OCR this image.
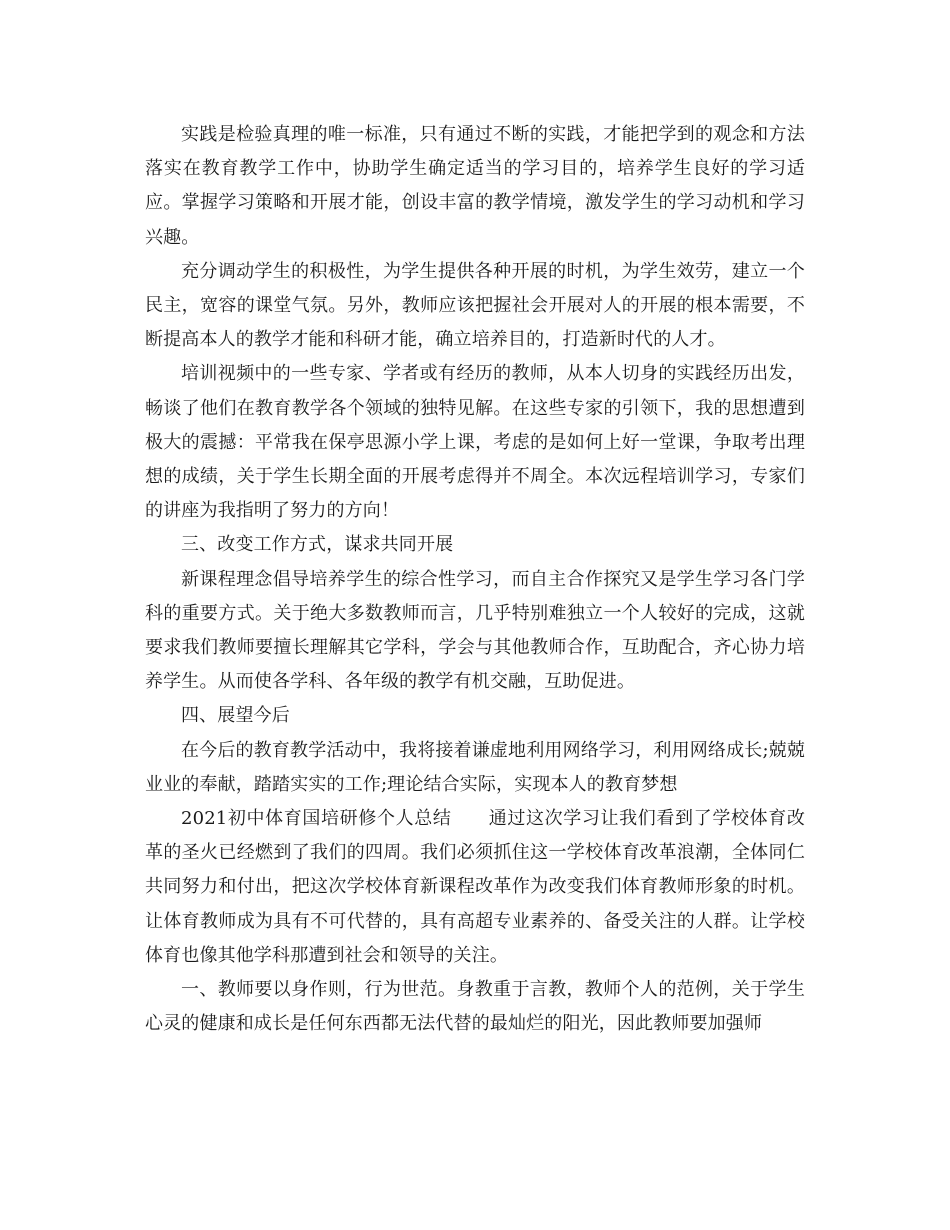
实践是检验真理的唯一标准，只有通过不断的实践，才能把学到的观念和方法落实在教育教学工作中，协助学生确定适当的学习目的，培养学生良好的学习适应。掌握学习策略和开展才能，创设丰富的教学情境，激发学生的学习动机和学习兴趣。

充分调动学生的积极性，为学生提供各种开展的时机，为学生效劳，建立一个民主，宽容的课堂气氛。另外，教师应该把握社会开展对人的开展的根本需要，不断提高本人的教学才能和科研才能，确立培养目的，打造新时代的人才。

培训视频中的一些专家、学者或有经历的教师，从本人切身的实践经历出发，畅谈了他们在教育教学各个领域的独特见解。在这些专家的引领下，我的思想遭到极大的震撼：平常我在保亭思源小学上课，考虑的是如何上好一堂课，争取考出理想的成绩，关于学生长期全面的开展考虑得并不周全。本次远程培训学习，专家们的讲座为我指明了努力的方向！

三、改变工作方式，谋求共同开展

新课程理念倡导培养学生的综合性学习，而自主合作探究又是学生学习各门学科的重要方式。关于绝大多数教师而言，几乎特别难独立一个人较好的完成，这就要求我们教师要擅长理解其它学科，学会与其他教师合作，互助配合，齐心协力培养学生。从而使各学科、各年级的教学有机交融，互助促进。

四、展望今后

在今后的教育教学活动中，我将接着谦虚地利用网络学习，利用网络成长;兢兢业业的奉献，踏踏实实的工作;理论结合实际，实现本人的教育梦想

2021初中体育国培研修个人总结　　通过这次学习让我们看到了学校体育改革的圣火已经燃到了我们的四周。我们必须抓住这一学校体育改革浪潮，全体同仁共同努力和付出，把这次学校体育新课程改革作为改变我们体育教师形象的时机。让体育教师成为具有不可代替的，具有高超专业素养的、备受关注的人群。让学校体育也像其他学科那遭到社会和领导的关注。

一、教师要以身作则，行为世范。身教重于言教，教师个人的范例，关于学生心灵的健康和成长是任何东西都无法代替的最灿烂的阳光，因此教师要加强师
